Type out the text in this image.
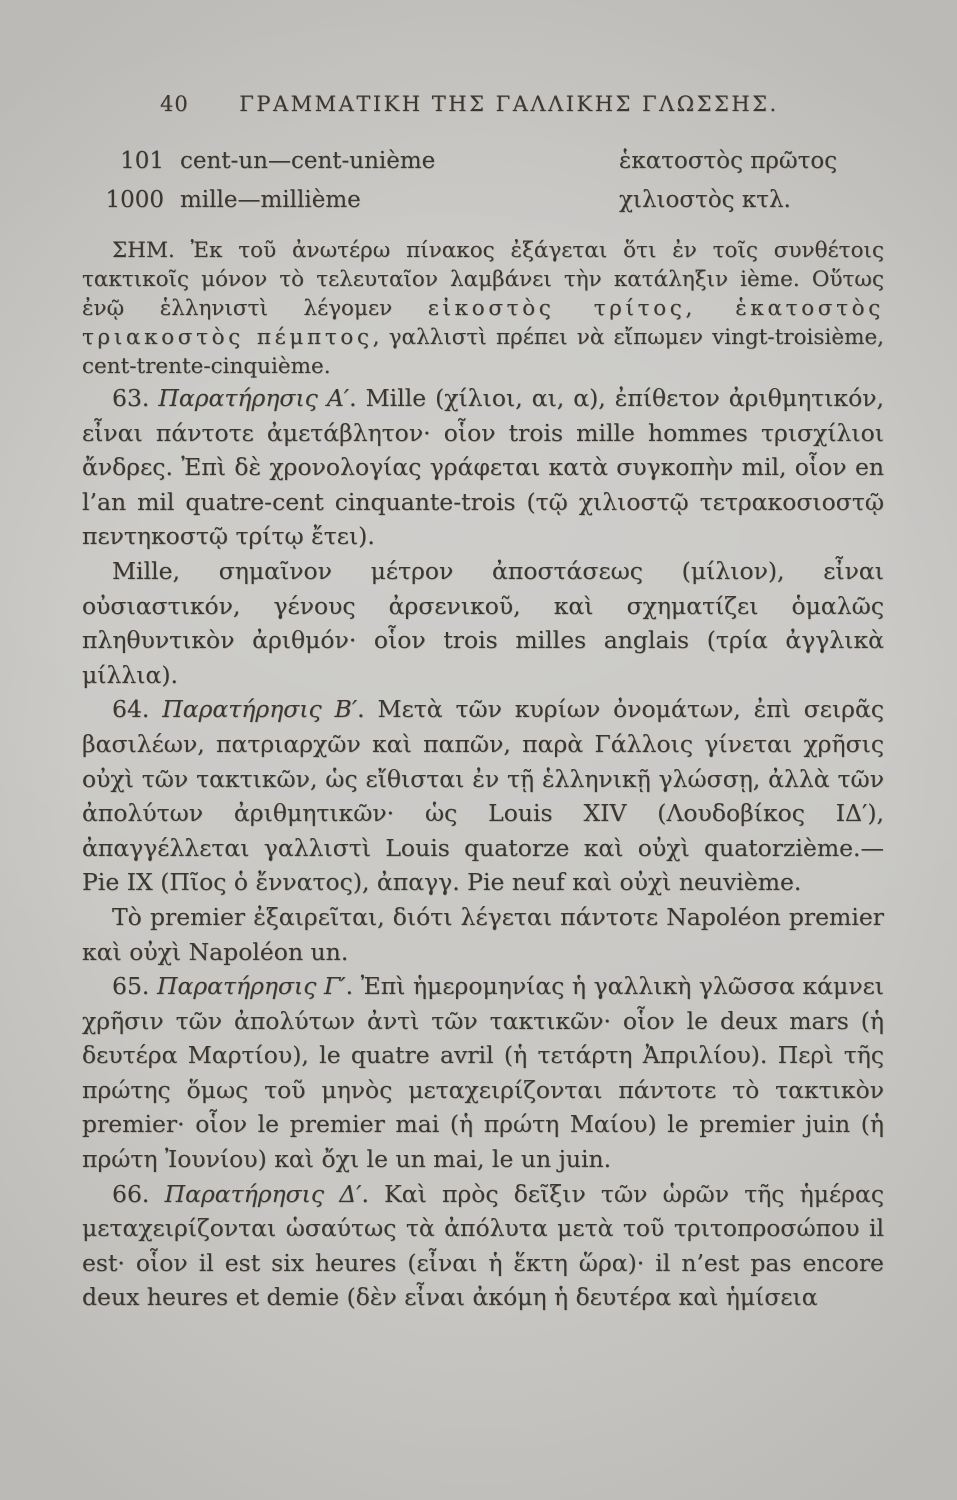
40 ΓΡΑΜΜΑΤΙΚΗ ΤΗΣ ΓΑΛΛΙΚΗΣ ΓΛΩΣΣΗΣ.
101 cent-un—cent-unième	ἑκατοστὸς πρῶτος
1000 mille—millième	χιλιοστὸς κτλ.

ΣΗΜ. Ἐκ τοῦ ἀνωτέρω πίνακος ἐξάγεται ὅτι ἐν τοῖς συνθέτοις τακτικοῖς μόνον τὸ τελευταῖον λαμβάνει τὴν κατάληξιν ième. Οὕτως ἐνῷ ἑλληνιστὶ λέγομεν εἰκοστὸς τρίτος, ἑκατοστὸς τριακοστὸς πέμπτος, γαλλιστὶ πρέπει νὰ εἴπωμεν vingt-troisième, cent-trente-cinquième.

63. Παρατήρησις Α′. Mille (χίλιοι, αι, α), ἐπίθετον ἀριθμητικόν, εἶναι πάντοτε ἀμετάβλητον· οἷον trois mille hommes τρισχίλιοι ἄνδρες. Ἐπὶ δὲ χρονολογίας γράφεται κατὰ συγκοπὴν mil, οἷον en l’an mil quatre-cent cinquante-trois (τῷ χιλιοστῷ τετρακοσιοστῷ πεντηκοστῷ τρίτῳ ἔτει).

Mille, σημαῖνον μέτρον ἀποστάσεως (μίλιον), εἶναι οὐσιαστικόν, γένους ἀρσενικοῦ, καὶ σχηματίζει ὁμαλῶς πληθυντικὸν ἀριθμόν· οἷον trois milles anglais (τρία ἀγγλικὰ μίλλια).

64. Παρατήρησις Β′. Μετὰ τῶν κυρίων ὀνομάτων, ἐπὶ σειρᾶς βασιλέων, πατριαρχῶν καὶ παπῶν, παρὰ Γάλλοις γίνεται χρῆσις οὐχὶ τῶν τακτικῶν, ὡς εἴθισται ἐν τῇ ἑλληνικῇ γλώσσῃ, ἀλλὰ τῶν ἀπολύτων ἀριθμητικῶν· ὡς Louis XIV (Λουδοβίκος ΙΔ′), ἀπαγγέλλεται γαλλιστὶ Louis quatorze καὶ οὐχὶ quatorzième.— Pie IX (Πῖος ὁ ἔννατος), ἀπαγγ. Pie neuf καὶ οὐχὶ neuvième.

Τὸ premier ἐξαιρεῖται, διότι λέγεται πάντοτε Napoléon premier καὶ οὐχὶ Napoléon un.

65. Παρατήρησις Γ′. Ἐπὶ ἡμερομηνίας ἡ γαλλικὴ γλῶσσα κάμνει χρῆσιν τῶν ἀπολύτων ἀντὶ τῶν τακτικῶν· οἷον le deux mars (ἡ δευτέρα Μαρτίου), le quatre avril (ἡ τετάρτη Ἀπριλίου). Περὶ τῆς πρώτης ὅμως τοῦ μηνὸς μεταχειρίζονται πάντοτε τὸ τακτικὸν premier· οἷον le premier mai (ἡ πρώτη Μαίου) le premier juin (ἡ πρώτη Ἰουνίου) καὶ ὄχι le un mai, le un juin.

66. Παρατήρησις Δ′. Καὶ πρὸς δεῖξιν τῶν ὡρῶν τῆς ἡμέρας μεταχειρίζονται ὡσαύτως τὰ ἀπόλυτα μετὰ τοῦ τριτοπροσώπου il est· οἷον il est six heures (εἶναι ἡ ἕκτη ὥρα)· il n’est pas encore deux heures et demie (δὲν εἶναι ἀκόμη ἡ δευτέρα καὶ ἡμίσεια
